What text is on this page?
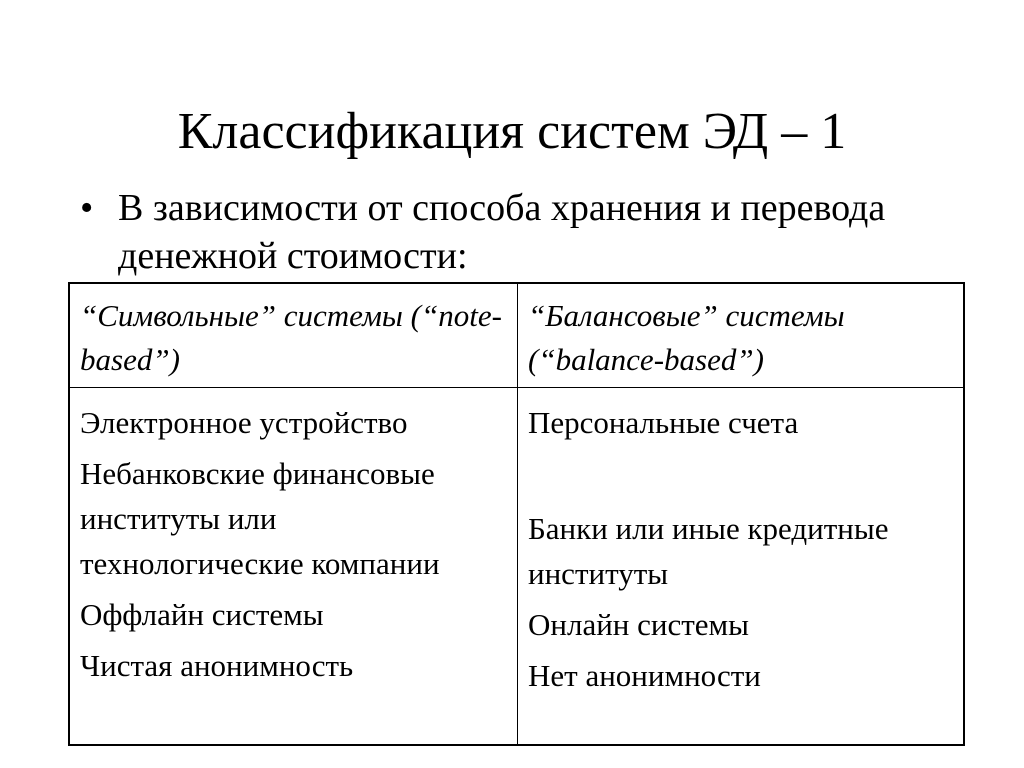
Классификация систем ЭД – 1
• В зависимости от способа хранения и перевода денежной стоимости:
“Символьные” системы (“note-based”)
“Балансовые” системы (“balance-based”)
Электронное устройство
Небанковские финансовые институты или технологические компании
Оффлайн системы
Чистая анонимность
Персональные счета
Банки или иные кредитные институты
Онлайн системы
Нет анонимности
